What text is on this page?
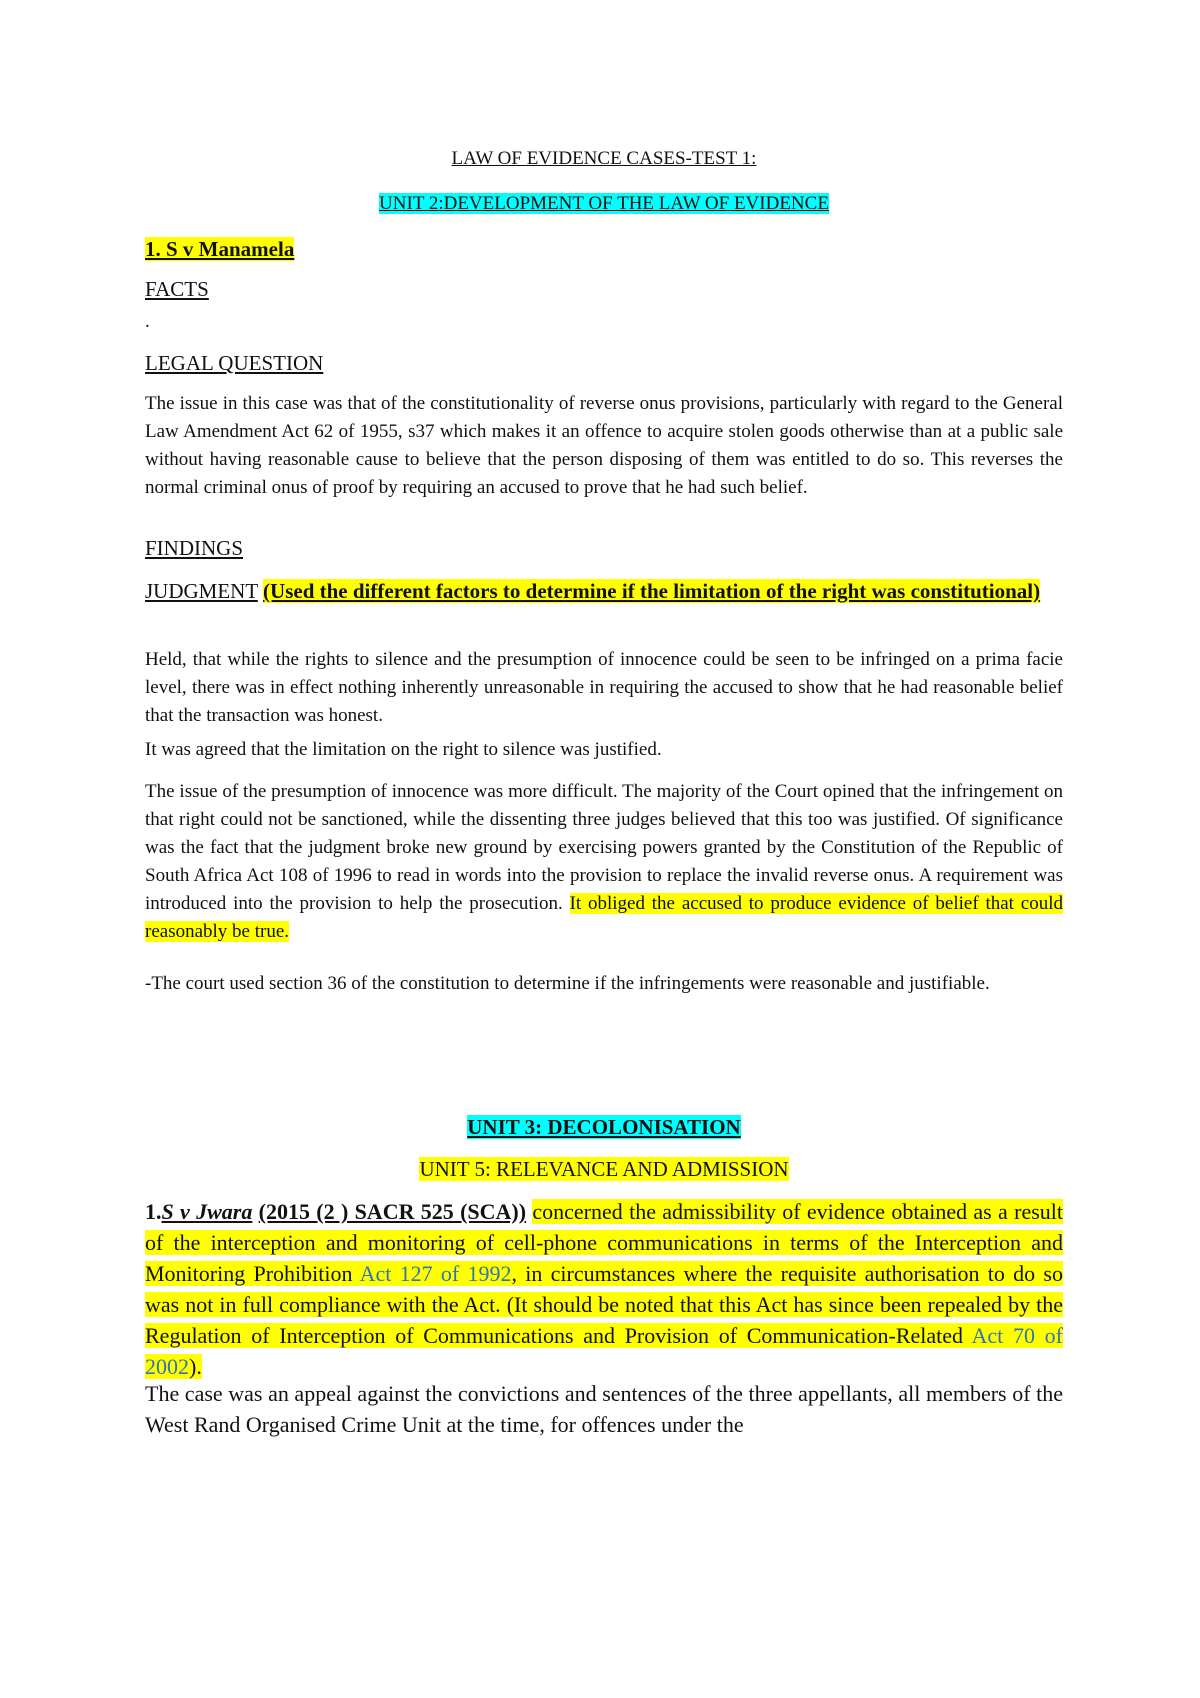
LAW OF EVIDENCE CASES-TEST 1:
UNIT 2:DEVELOPMENT OF THE LAW OF EVIDENCE
1. S v Manamela
FACTS
.
LEGAL QUESTION

The issue in this case was that of the constitutionality of reverse onus provisions, particularly with regard to the General Law Amendment Act 62 of 1955, s37 which makes it an offence to acquire stolen goods otherwise than at a public sale without having reasonable cause to believe that the person disposing of them was entitled to do so. This reverses the normal criminal onus of proof by requiring an accused to prove that he had such belief.

FINDINGS
JUDGMENT (Used the different factors to determine if the limitation of the right was constitutional)

Held, that while the rights to silence and the presumption of innocence could be seen to be infringed on a prima facie level, there was in effect nothing inherently unreasonable in requiring the accused to show that he had reasonable belief that the transaction was honest.

It was agreed that the limitation on the right to silence was justified.

The issue of the presumption of innocence was more difficult. The majority of the Court opined that the infringement on that right could not be sanctioned, while the dissenting three judges believed that this too was justified. Of significance was the fact that the judgment broke new ground by exercising powers granted by the Constitution of the Republic of South Africa Act 108 of 1996 to read in words into the provision to replace the invalid reverse onus. A requirement was introduced into the provision to help the prosecution. It obliged the accused to produce evidence of belief that could reasonably be true.

-The court used section 36 of the constitution to determine if the infringements were reasonable and justifiable.

UNIT 3: DECOLONISATION
UNIT 5: RELEVANCE AND ADMISSION

1.S v Jwara (2015 (2 ) SACR 525 (SCA)) concerned the admissibility of evidence obtained as a result of the interception and monitoring of cell-phone communications in terms of the Interception and Monitoring Prohibition Act 127 of 1992, in circumstances where the requisite authorisation to do so was not in full compliance with the Act. (It should be noted that this Act has since been repealed by the Regulation of Interception of Communications and Provision of Communication-Related Act 70 of 2002).

The case was an appeal against the convictions and sentences of the three appellants, all members of the West Rand Organised Crime Unit at the time, for offences under the
